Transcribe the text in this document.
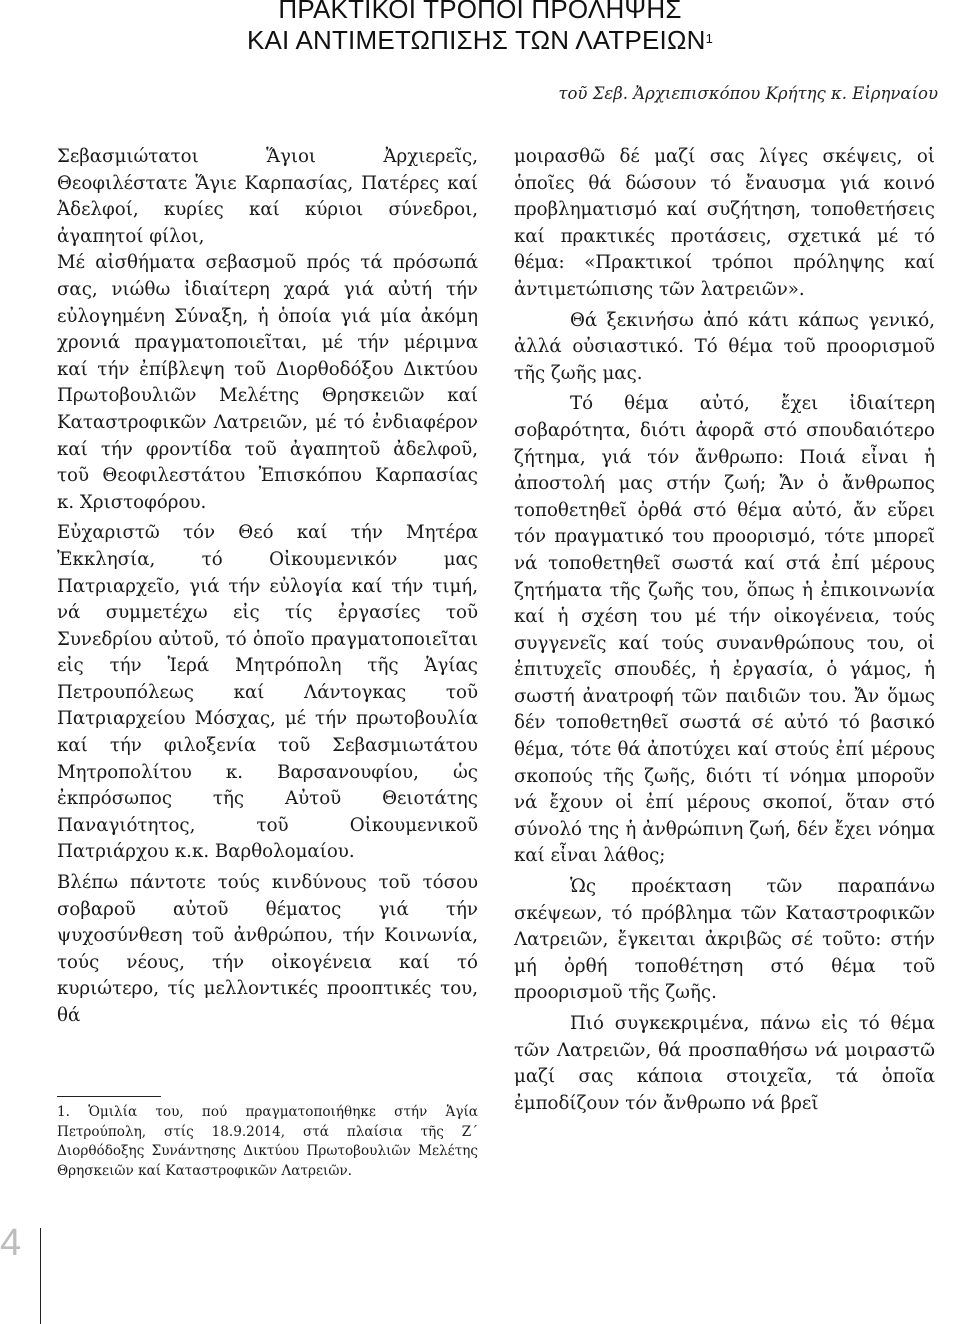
ΠΡΑΚΤΙΚΟΙ ΤΡΟΠΟΙ ΠΡΟΛΗΨΗΣ
ΚΑΙ ΑΝΤΙΜΕΤΩΠΙΣΗΣ ΤΩΝ ΛΑΤΡΕΙΩΝ$^1$
τοῦ Σεβ. Ἀρχιεπισκόπου Κρήτης κ. Εἰρηναίου

Σεβασμιώτατοι Ἅγιοι Ἀρχιερεῖς, Θεοφιλέστατε Ἅγιε Καρπασίας, Πατέρες καί Ἀδελφοί, κυρίες καί κύριοι σύνεδροι, ἀγαπητοί φίλοι,

Μέ αἰσθήματα σεβασμοῦ πρός τά πρόσωπά σας, νιώθω ἰδιαίτερη χαρά γιά αὐτή τήν εὐλογημένη Σύναξη, ἡ ὁποία γιά μία ἀκόμη χρονιά πραγματοποιεῖται, μέ τήν μέριμνα καί τήν ἐπίβλεψη τοῦ Διορθοδόξου Δικτύου Πρωτοβουλιῶν Μελέτης Θρησκειῶν καί Καταστροφικῶν Λατρειῶν, μέ τό ἐνδιαφέρον καί τήν φροντίδα τοῦ ἀγαπητοῦ ἀδελφοῦ, τοῦ Θεοφιλεστάτου Ἐπισκόπου Καρπασίας κ. Χριστοφόρου.

Εὐχαριστῶ τόν Θεό καί τήν Μητέρα Ἐκκλησία, τό Οἰκουμενικόν μας Πατριαρχεῖο, γιά τήν εὐλογία καί τήν τιμή, νά συμμετέχω εἰς τίς ἐργασίες τοῦ Συνεδρίου αὐτοῦ, τό ὁποῖο πραγματοποιεῖται εἰς τήν Ἱερά Μητρόπολη τῆς Ἁγίας Πετρουπόλεως καί Λάντογκας τοῦ Πατριαρχείου Μόσχας, μέ τήν πρωτοβουλία καί τήν φιλοξενία τοῦ Σεβασμιωτάτου Μητροπολίτου κ. Βαρσανουφίου, ὡς ἐκπρόσωπος τῆς Αὐτοῦ Θειοτάτης Παναγιότητος, τοῦ Οἰκουμενικοῦ Πατριάρχου κ.κ. Βαρθολομαίου.

Βλέπω πάντοτε τούς κινδύνους τοῦ τόσου σοβαροῦ αὐτοῦ θέματος γιά τήν ψυχοσύνθεση τοῦ ἀνθρώπου, τήν Κοινωνία, τούς νέους, τήν οἰκογένεια καί τό κυριώτερο, τίς μελλοντικές προοπτικές του, θά

μοιρασθῶ δέ μαζί σας λίγες σκέψεις, οἱ ὁποῖες θά δώσουν τό ἔναυσμα γιά κοινό προβληματισμό καί συζήτηση, τοποθετήσεις καί πρακτικές προτάσεις, σχετικά μέ τό θέμα: «Πρακτικοί τρόποι πρόληψης καί ἀντιμετώπισης τῶν λατρειῶν».

Θά ξεκινήσω ἀπό κάτι κάπως γενικό, ἀλλά οὐσιαστικό. Τό θέμα τοῦ προορισμοῦ τῆς ζωῆς μας.

Τό θέμα αὐτό, ἔχει ἰδιαίτερη σοβαρότητα, διότι ἀφορᾶ στό σπουδαιότερο ζήτημα, γιά τόν ἄνθρωπο: Ποιά εἶναι ἡ ἀποστολή μας στήν ζωή; Ἄν ὁ ἄνθρωπος τοποθετηθεῖ ὀρθά στό θέμα αὐτό, ἄν εὕρει τόν πραγματικό του προορισμό, τότε μπορεῖ νά τοποθετηθεῖ σωστά καί στά ἐπί μέρους ζητήματα τῆς ζωῆς του, ὅπως ἡ ἐπικοινωνία καί ἡ σχέση του μέ τήν οἰκογένεια, τούς συγγενεῖς καί τούς συνανθρώπους του, οἱ ἐπιτυχεῖς σπουδές, ἡ ἐργασία, ὁ γάμος, ἡ σωστή ἀνατροφή τῶν παιδιῶν του. Ἄν ὅμως δέν τοποθετηθεῖ σωστά σέ αὐτό τό βασικό θέμα, τότε θά ἀποτύχει καί στούς ἐπί μέρους σκοπούς τῆς ζωῆς, διότι τί νόημα μποροῦν νά ἔχουν οἱ ἐπί μέρους σκοποί, ὅταν στό σύνολό της ἡ ἀνθρώπινη ζωή, δέν ἔχει νόημα καί εἶναι λάθος;

Ὡς προέκταση τῶν παραπάνω σκέψεων, τό πρόβλημα τῶν Καταστροφικῶν Λατρειῶν, ἔγκειται ἀκριβῶς σέ τοῦτο: στήν μή ὀρθή τοποθέτηση στό θέμα τοῦ προορισμοῦ τῆς ζωῆς.

Πιό συγκεκριμένα, πάνω εἰς τό θέμα τῶν Λατρειῶν, θά προσπαθήσω νά μοιραστῶ μαζί σας κάποια στοιχεῖα, τά ὁποῖα ἐμποδίζουν τόν ἄνθρωπο νά βρεῖ

1. Ὁμιλία του, πού πραγματοποιήθηκε στήν Ἁγία Πετρούπολη, στίς 18.9.2014, στά πλαίσια τῆς Ζ΄ Διορθόδοξης Συνάντησης Δικτύου Πρωτοβουλιῶν Μελέτης Θρησκειῶν καί Καταστροφικῶν Λατρειῶν.
4
